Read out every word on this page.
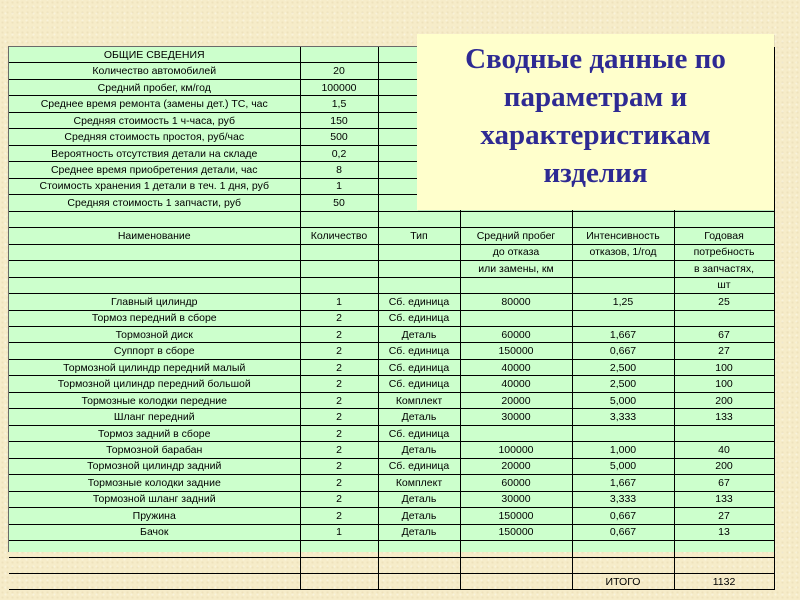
ОБЩИЕ СВЕДЕНИЯ					
Количество автомобилей	20				
Средний пробег, км/год	100000				
Среднее время ремонта (замены дет.) ТС, час	1,5				
Средняя стоимость 1 ч-часа, руб	150				
Средняя стоимость простоя, руб/час	500				
Вероятность отсутствия детали на складе	0,2				
Среднее время приобретения детали, час	8				
Стоимость хранения 1 детали в теч. 1 дня, руб	1				
Средняя стоимость 1 запчасти, руб	50				

Наименование	Количество	Тип	Средний пробег	Интенсивность	Годовая
			до отказа	отказов, 1/год	потребность
			или замены, км		в запчастях,
					шт
Главный цилиндр	1	Сб. единица	80000	1,25	25
Тормоз передний в сборе	2	Сб. единица			
Тормозной диск	2	Деталь	60000	1,667	67
Суппорт в сборе	2	Сб. единица	150000	0,667	27
Тормозной цилиндр передний малый	2	Сб. единица	40000	2,500	100
Тормозной цилиндр передний большой	2	Сб. единица	40000	2,500	100
Тормозные колодки передние	2	Комплект	20000	5,000	200
Шланг передний	2	Деталь	30000	3,333	133
Тормоз задний в сборе	2	Сб. единица			
Тормозной барабан	2	Деталь	100000	1,000	40
Тормозной цилиндр задний	2	Сб. единица	20000	5,000	200
Тормозные колодки задние	2	Комплект	60000	1,667	67
Тормозной шланг задний	2	Деталь	30000	3,333	133
Пружина	2	Деталь	150000	0,667	27
Бачок	1	Деталь	150000	0,667	13

				ИТОГО	1132
Сводные данные по
параметрам и
характеристикам
изделия
